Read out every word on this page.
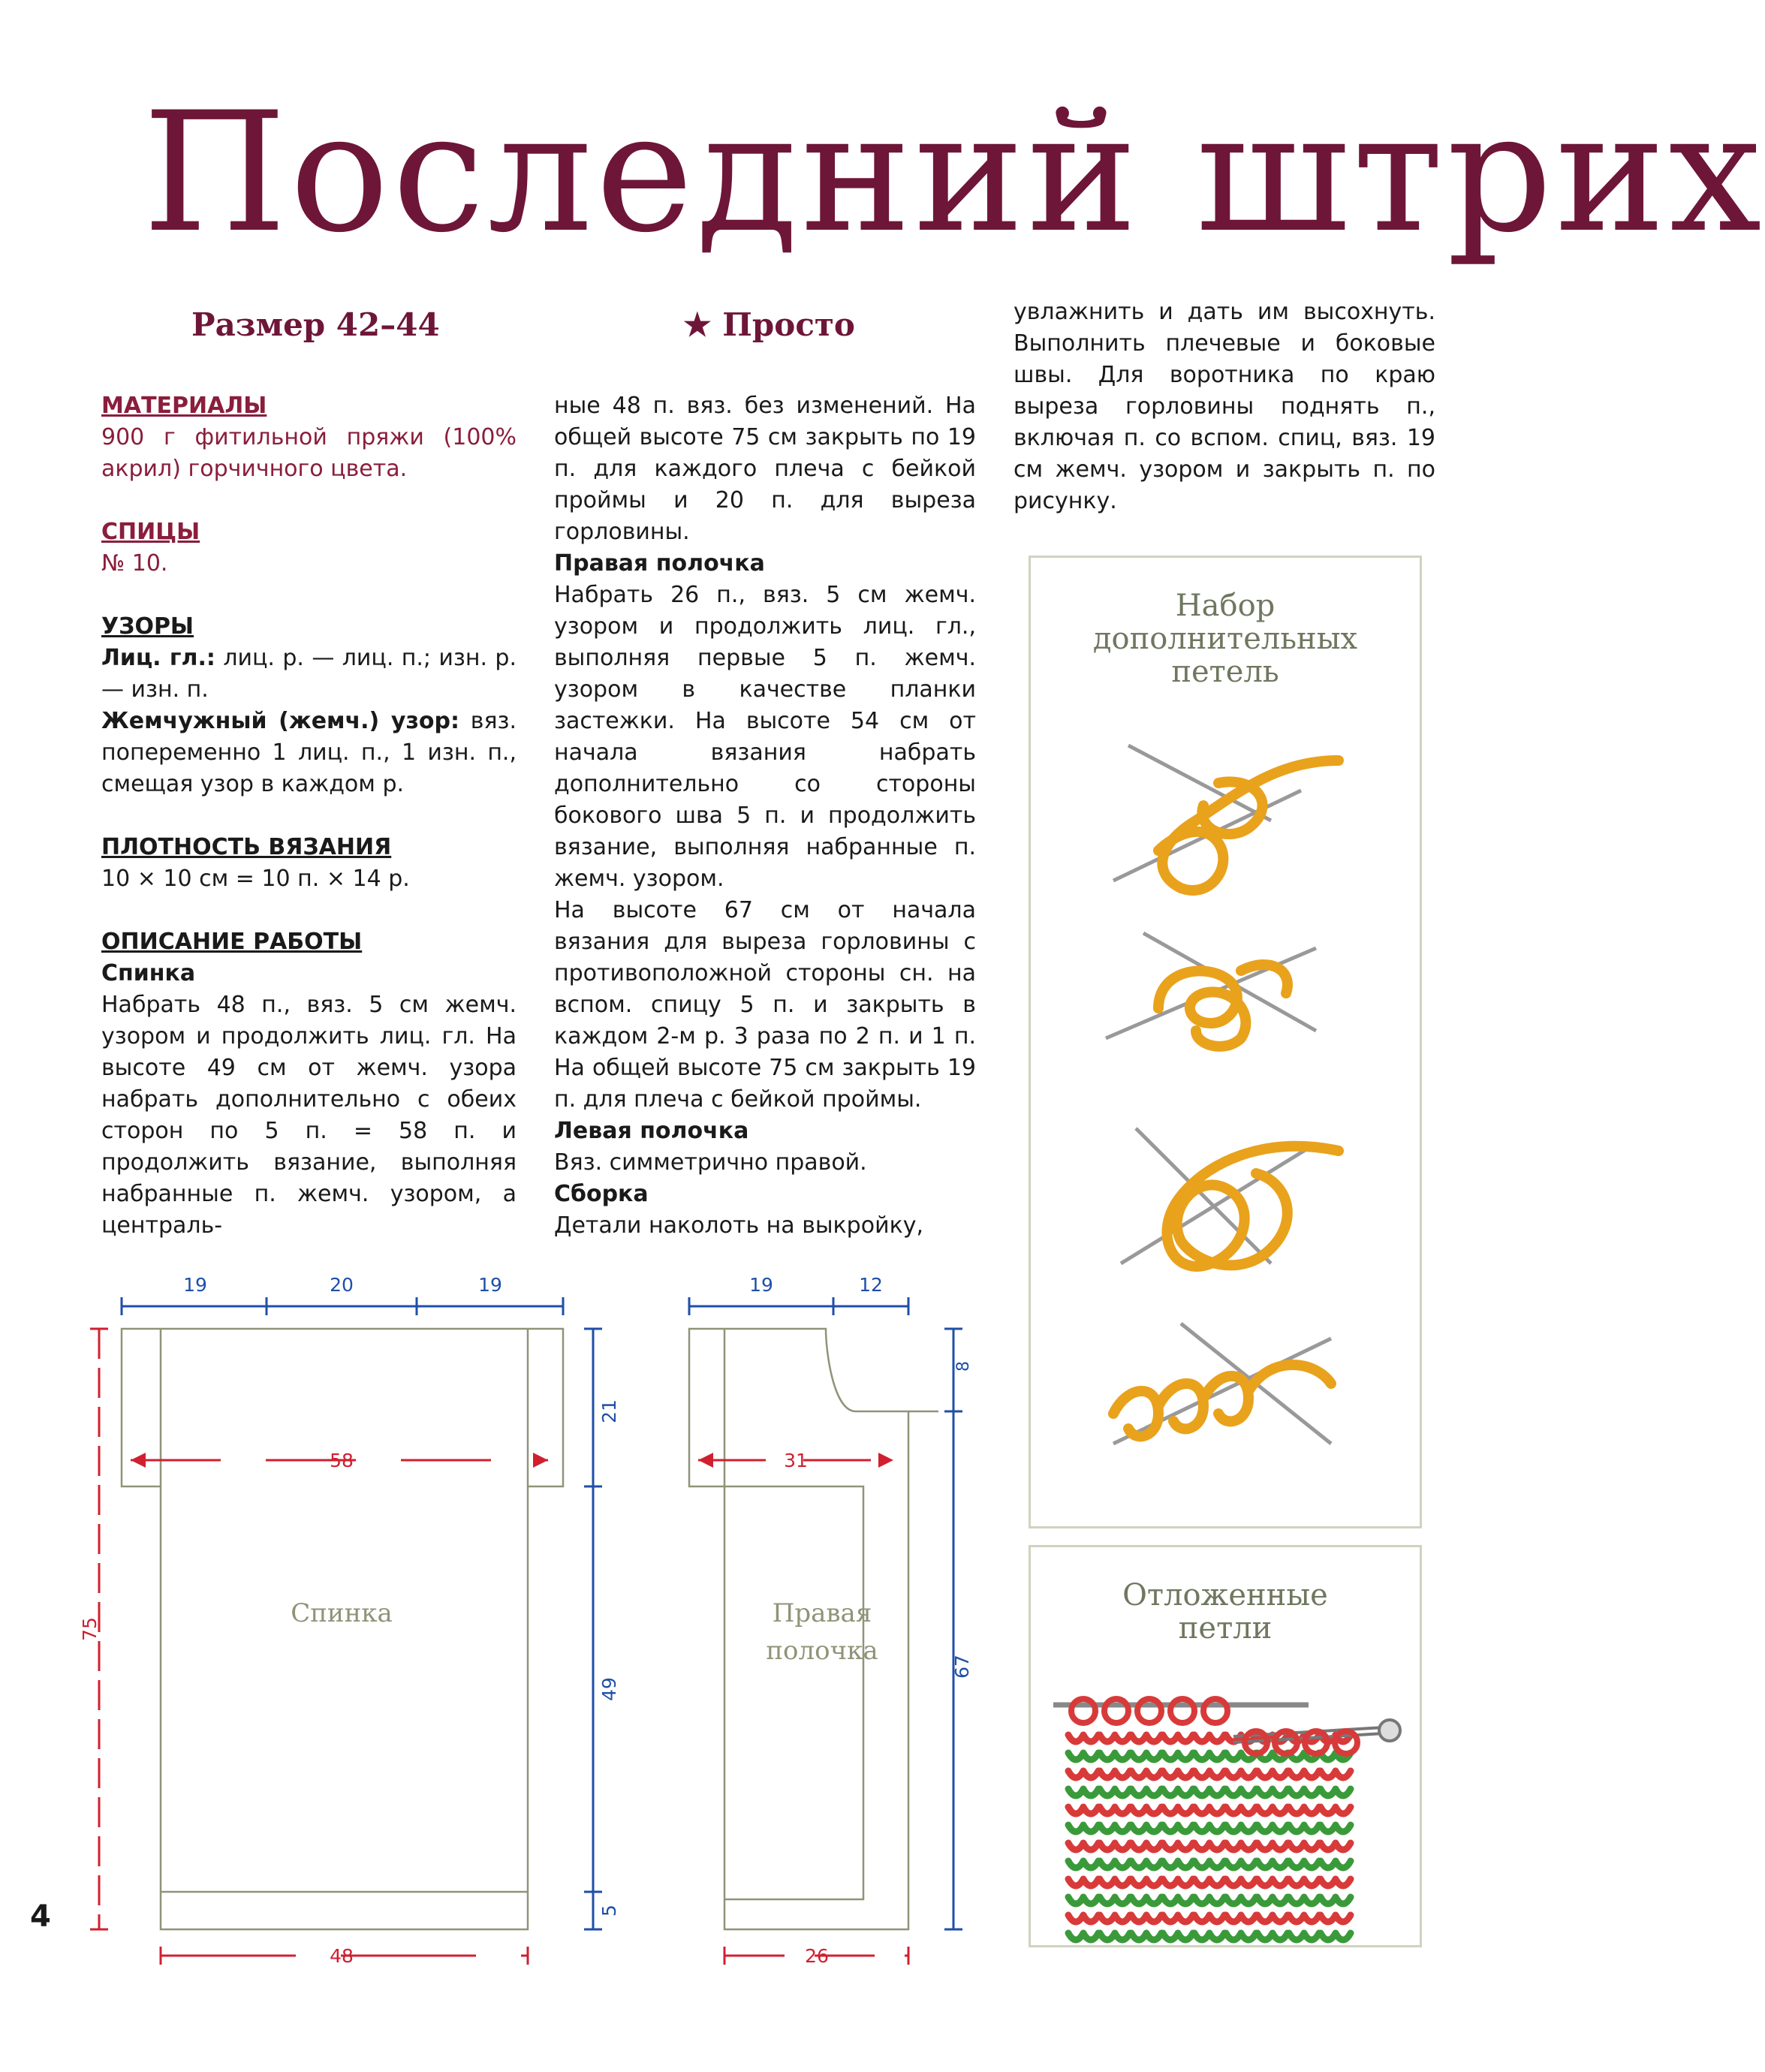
Последний штрих
Размер 42–44	★ Просто
МАТЕРИАЛЫ

900 г фитильной пряжи (100% акрил) горчичного цвета.

СПИЦЫ

№ 10.

УЗОРЫ

Лиц. гл.: лиц. р. — лиц. п.; изн. р. — изн. п.

Жемчужный (жемч.) узор: вяз. попеременно 1 лиц. п., 1 изн. п., смещая узор в каждом р.

ПЛОТНОСТЬ ВЯЗАНИЯ

10 × 10 см = 10 п. × 14 р.

ОПИСАНИЕ РАБОТЫ
Спинка

Набрать 48 п., вяз. 5 см жемч. узором и продолжить лиц. гл. На высоте 49 см от жемч. узора набрать дополнительно с обеих сторон по 5 п. = 58 п. и продолжить вязание, выполняя набранные п. жемч. узором, а централь-

ные 48 п. вяз. без изменений. На общей высоте 75 см закрыть по 19 п. для каждого плеча с бейкой проймы и 20 п. для выреза горловины.

Правая полочка

Набрать 26 п., вяз. 5 см жемч. узором и продолжить лиц. гл., выполняя первые 5 п. жемч. узором в качестве планки застежки. На высоте 54 см от начала вязания набрать дополнительно со стороны бокового шва 5 п. и продолжить вязание, выполняя набранные п. жемч. узором.

На высоте 67 см от начала вязания для выреза горловины с противоположной стороны сн. на вспом. спицу 5 п. и закрыть в каждом 2-м р. 3 раза по 2 п. и 1 п. На общей высоте 75 см закрыть 19 п. для плеча с бейкой проймы.

Левая полочка

Вяз. симметрично правой.

Сборка

Детали наколоть на выкройку,

увлажнить и дать им высохнуть. Выполнить плечевые и боковые швы. Для воротника по краю выреза горловины поднять п., включая п. со вспом. спиц, вяз. 19 см жемч. узором и закрыть п. по рисунку.

Набор
дополнительных
петель
Отложенные
петли
19	20	19
21
49
5
19	12
8
67
75
58
48
31
26
Спинка	Правая
полочка
4
